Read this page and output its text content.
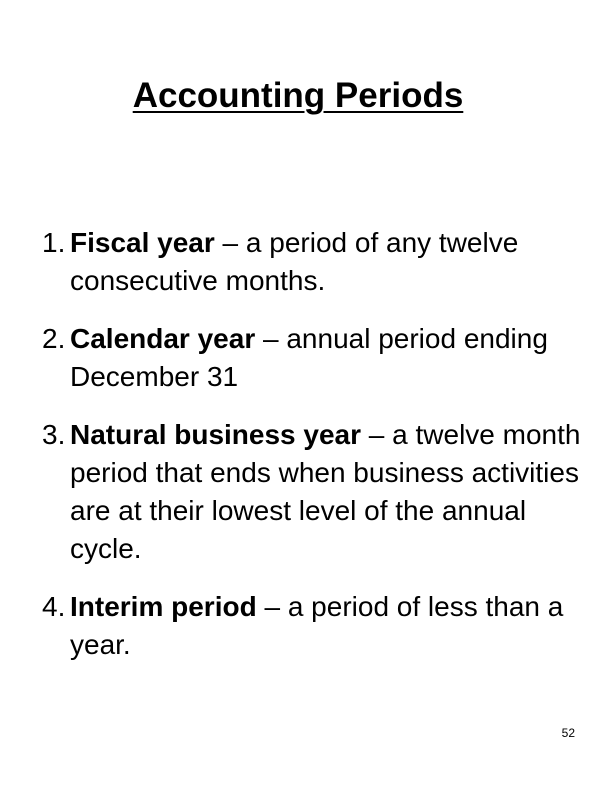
Accounting Periods
1. Fiscal year – a period of any twelve consecutive months.
2. Calendar year – annual period ending December 31
3. Natural business year – a twelve month period that ends when business activities are at their lowest level of the annual cycle.
4. Interim period – a period of less than a year.
52
